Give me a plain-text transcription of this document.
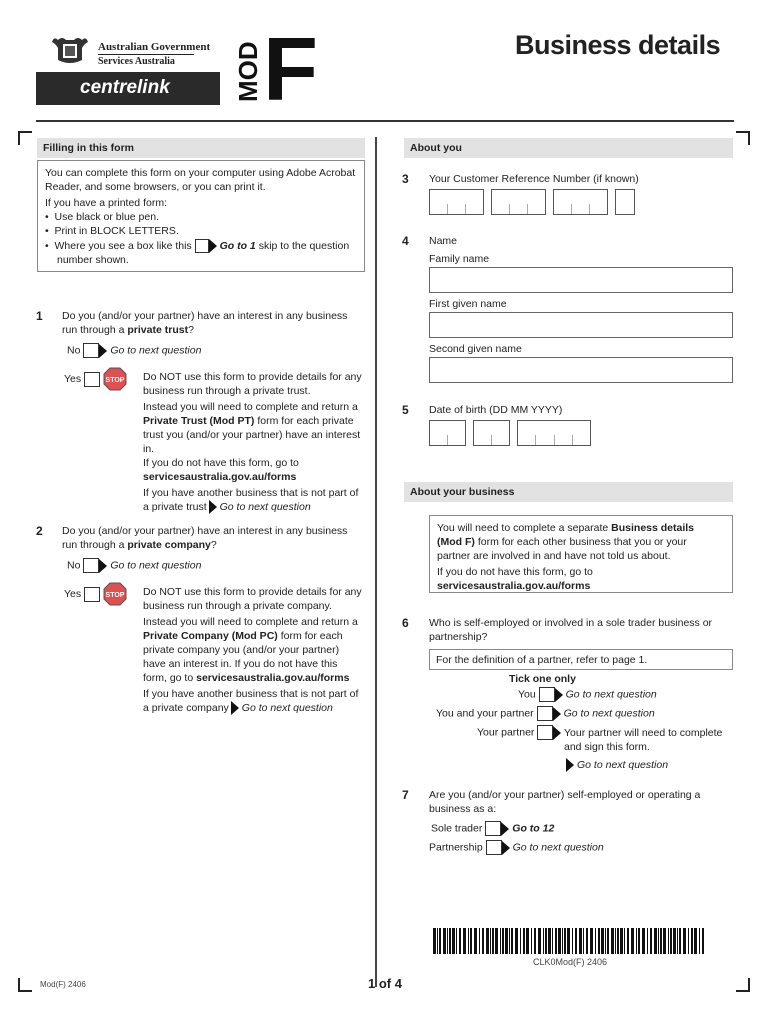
Australian Government
Services Australia
centrelink	MOD F	Business details
Filling in this form
You can complete this form on your computer using Adobe Acrobat
Reader, and some browsers, or you can print it.
If you have a printed form:
•  Use black or blue pen.
•  Print in BLOCK LETTERS.
•  Where you see a box like this	Go to 1 skip to the question
number shown.
1 Do you (and/or your partner) have an interest in any business
run through a private trust?
No	Go to next question
Yes	STOP Do NOT use this form to provide details for any
business run through a private trust.
Instead you will need to complete and return a
Private Trust (Mod PT) form for each private
trust you (and/or your partner) have an interest in.
If you do not have this form, go to
servicesaustralia.gov.au/forms
If you have another business that is not part of
a private trust Go to next question
2 Do you (and/or your partner) have an interest in any business
run through a private company?
No	Go to next question
Yes	STOP Do NOT use this form to provide details for any
business run through a private company.
Instead you will need to complete and return a
Private Company (Mod PC) form for each
private company you (and/or your partner)
have an interest in. If you do not have this
form, go to servicesaustralia.gov.au/forms
If you have another business that is not part of
a private company Go to next question
About you
3 Your Customer Reference Number (if known)
4 Name
Family name
First given name
Second given name
5 Date of birth (DD MM YYYY)
About your business
You will need to complete a separate Business details
(Mod F) form for each other business that you or your
partner are involved in and have not told us about.
If you do not have this form, go to
servicesaustralia.gov.au/forms
6 Who is self-employed or involved in a sole trader business or
partnership?
For the definition of a partner, refer to page 1.
Tick one only
You	Go to next question
You and your partner	Go to next question
Your partner	Your partner will need to complete
and sign this form.
Go to next question
7 Are you (and/or your partner) self-employed or operating a
business as a:
Sole trader	Go to 12
Partnership	Go to next question
CLK0Mod(F) 2406
Mod(F) 2406	1 of 4
